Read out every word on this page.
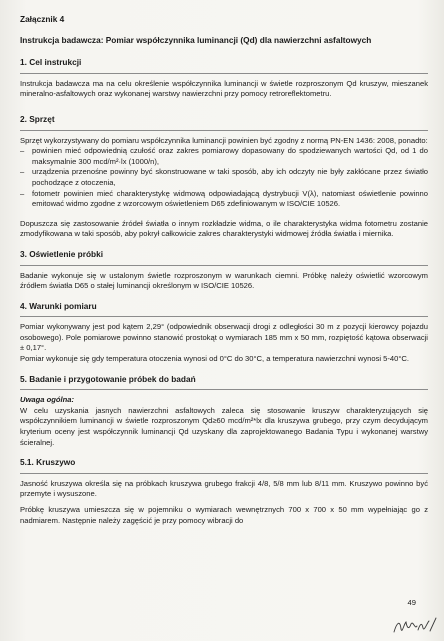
Załącznik 4
Instrukcja badawcza: Pomiar współczynnika luminancji (Qd) dla nawierzchni asfaltowych
1. Cel instrukcji

Instrukcja badawcza ma na celu określenie współczynnika luminancji w świetle rozproszonym Qd kruszyw, mieszanek mineralno-asfaltowych oraz wykonanej warstwy nawierzchni przy pomocy retroreflektometru.

2. Sprzęt

Sprzęt wykorzystywany do pomiaru współczynnika luminancji powinien być zgodny z normą PN-EN 1436: 2008, ponadto:

– powinien mieć odpowiednią czułość oraz zakres pomiarowy dopasowany do spodziewanych wartości Qd, od 1 do maksymalnie 300 mcd/m²·lx (1000/n),
– urządzenia przenośne powinny być skonstruowane w taki sposób, aby ich odczyty nie były zakłócane przez światło pochodzące z otoczenia,
– fotometr powinien mieć charakterystykę widmową odpowiadającą dystrybucji V(λ), natomiast oświetlenie powinno emitować widmo zgodne z wzorcowym oświetleniem D65 zdefiniowanym w ISO/CIE 10526.

Dopuszcza się zastosowanie źródeł światła o innym rozkładzie widma, o ile charakterystyka widma fotometru zostanie zmodyfikowana w taki sposób, aby pokrył całkowicie zakres charakterystyki widmowej źródła światła i miernika.

3. Oświetlenie próbki

Badanie wykonuje się w ustalonym świetle rozproszonym w warunkach ciemni. Próbkę należy oświetlić wzorcowym źródłem światła D65 o stałej luminancji określonym w ISO/CIE 10526.

4. Warunki pomiaru

Pomiar wykonywany jest pod kątem 2,29° (odpowiednik obserwacji drogi z odległości 30 m z pozycji kierowcy pojazdu osobowego). Pole pomiarowe powinno stanowić prostokąt o wymiarach 185 mm x 50 mm, rozpiętość kątowa obserwacji ± 0,17°.

Pomiar wykonuje się gdy temperatura otoczenia wynosi od 0°C do 30°C, a temperatura nawierzchni wynosi 5-40°C.

5. Badanie i przygotowanie próbek do badań
Uwaga ogólna:

W celu uzyskania jasnych nawierzchni asfaltowych zaleca się stosowanie kruszyw charakteryzujących się współczynnikiem luminancji w świetle rozproszonym Qd≥60 mcd/m²*lx dla kruszywa grubego, przy czym decydującym kryterium oceny jest współczynnik luminancji Qd uzyskany dla zaprojektowanego Badania Typu i wykonanej warstwy ścieralnej.

5.1. Kruszywo

Jasność kruszywa określa się na próbkach kruszywa grubego frakcji 4/8, 5/8 mm lub 8/11 mm. Kruszywo powinno być przemyte i wysuszone.

Próbkę kruszywa umieszcza się w pojemniku o wymiarach wewnętrznych 700 x 700 x 50 mm wypełniając go z nadmiarem. Następnie należy zagęścić je przy pomocy wibracji do

49
